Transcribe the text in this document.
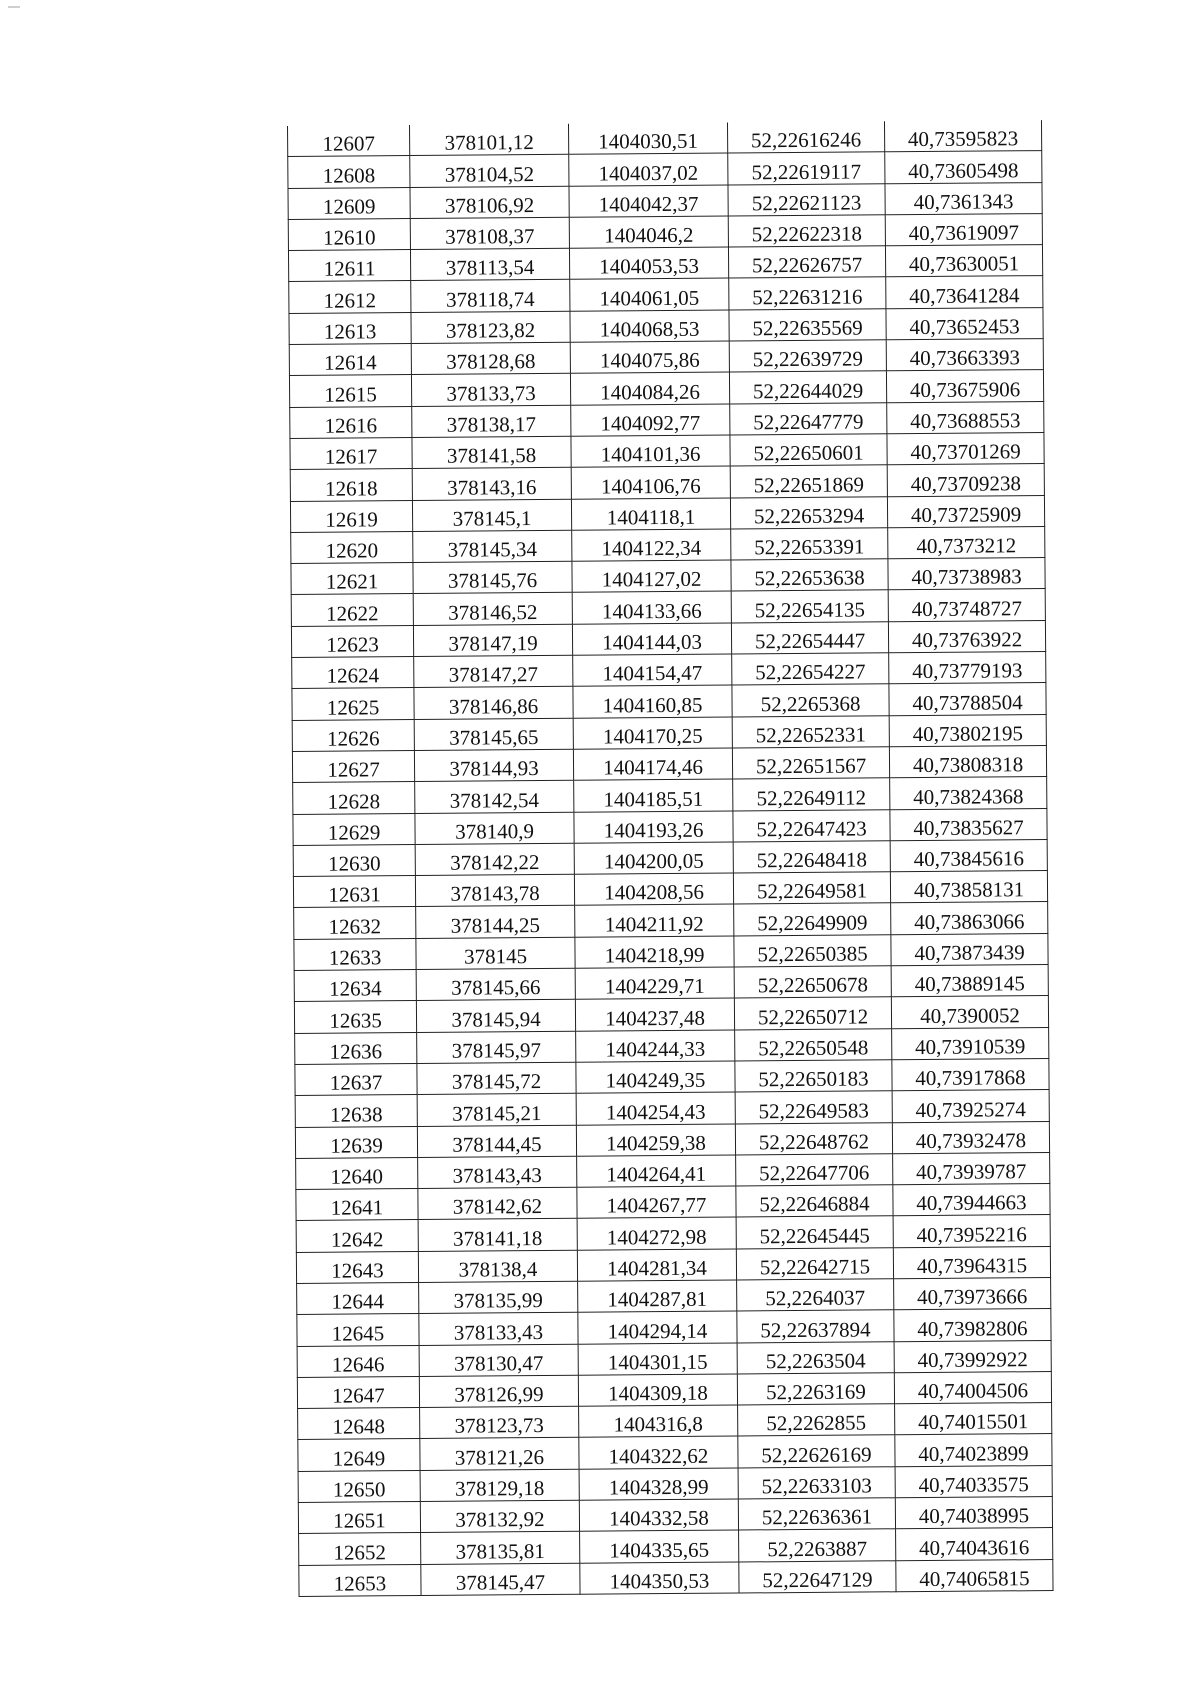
12607	378101,12	1404030,51	52,22616246	40,73595823
12608	378104,52	1404037,02	52,22619117	40,73605498
12609	378106,92	1404042,37	52,22621123	40,7361343
12610	378108,37	1404046,2	52,22622318	40,73619097
12611	378113,54	1404053,53	52,22626757	40,73630051
12612	378118,74	1404061,05	52,22631216	40,73641284
12613	378123,82	1404068,53	52,22635569	40,73652453
12614	378128,68	1404075,86	52,22639729	40,73663393
12615	378133,73	1404084,26	52,22644029	40,73675906
12616	378138,17	1404092,77	52,22647779	40,73688553
12617	378141,58	1404101,36	52,22650601	40,73701269
12618	378143,16	1404106,76	52,22651869	40,73709238
12619	378145,1	1404118,1	52,22653294	40,73725909
12620	378145,34	1404122,34	52,22653391	40,7373212
12621	378145,76	1404127,02	52,22653638	40,73738983
12622	378146,52	1404133,66	52,22654135	40,73748727
12623	378147,19	1404144,03	52,22654447	40,73763922
12624	378147,27	1404154,47	52,22654227	40,73779193
12625	378146,86	1404160,85	52,2265368	40,73788504
12626	378145,65	1404170,25	52,22652331	40,73802195
12627	378144,93	1404174,46	52,22651567	40,73808318
12628	378142,54	1404185,51	52,22649112	40,73824368
12629	378140,9	1404193,26	52,22647423	40,73835627
12630	378142,22	1404200,05	52,22648418	40,73845616
12631	378143,78	1404208,56	52,22649581	40,73858131
12632	378144,25	1404211,92	52,22649909	40,73863066
12633	378145	1404218,99	52,22650385	40,73873439
12634	378145,66	1404229,71	52,22650678	40,73889145
12635	378145,94	1404237,48	52,22650712	40,7390052
12636	378145,97	1404244,33	52,22650548	40,73910539
12637	378145,72	1404249,35	52,22650183	40,73917868
12638	378145,21	1404254,43	52,22649583	40,73925274
12639	378144,45	1404259,38	52,22648762	40,73932478
12640	378143,43	1404264,41	52,22647706	40,73939787
12641	378142,62	1404267,77	52,22646884	40,73944663
12642	378141,18	1404272,98	52,22645445	40,73952216
12643	378138,4	1404281,34	52,22642715	40,73964315
12644	378135,99	1404287,81	52,2264037	40,73973666
12645	378133,43	1404294,14	52,22637894	40,73982806
12646	378130,47	1404301,15	52,2263504	40,73992922
12647	378126,99	1404309,18	52,2263169	40,74004506
12648	378123,73	1404316,8	52,2262855	40,74015501
12649	378121,26	1404322,62	52,22626169	40,74023899
12650	378129,18	1404328,99	52,22633103	40,74033575
12651	378132,92	1404332,58	52,22636361	40,74038995
12652	378135,81	1404335,65	52,2263887	40,74043616
12653	378145,47	1404350,53	52,22647129	40,74065815
